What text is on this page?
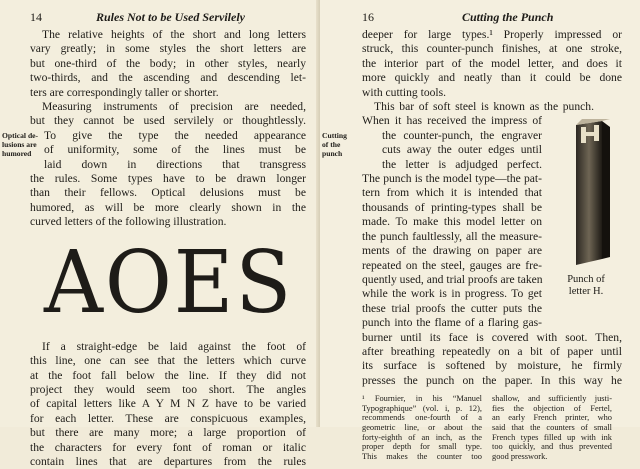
14	Rules Not to be Used Servilely
The relative heights of the short and long letters
vary greatly; in some styles the short letters are
but one-third of the body; in other styles, nearly
two-thirds, and the ascending and descending let-
ters are correspondingly taller or shorter.
Measuring instruments of precision are needed,
but they cannot be used servilely or thoughtlessly.
Optical de-
lusions are
humored
To give the type the needed appearance
of uniformity, some of the lines must be
laid down in directions that transgress
the rules. Some types have to be drawn longer
than their fellows. Optical delusions must be
humored, as will be more clearly shown in the
curved letters of the following illustration.
AOES
If a straight-edge be laid against the foot of
this line, one can see that the letters which curve
at the foot fall below the line. If they did not
project they would seem too short. The angles
of capital letters like A Y M N Z have to be varied
for each letter. These are conspicuous examples,
but there are many more; a large proportion of
the characters for every font of roman or italic
contain lines that are departures from the rules
16	Cutting the Punch
deeper for large types.¹ Properly impressed or
struck, this counter-punch finishes, at one stroke,
the interior part of the model letter, and does it
more quickly and neatly than it could be done
with cutting tools.
This bar of soft steel is known as the punch.
When it has received the impress of
Cutting
of the
punch
the counter-punch, the engraver
cuts away the outer edges until
the letter is adjudged perfect.
The punch is the model type—the pat-
tern from which it is intended that
thousands of printing-types shall be
made. To make this model letter on
the punch faultlessly, all the measure-
ments of the drawing on paper are
repeated on the steel, gauges are fre-
quently used, and trial proofs are taken
while the work is in progress. To get
these trial proofs the cutter puts the
punch into the flame of a flaring gas-
burner until its face is covered with soot. Then,
after breathing repeatedly on a bit of paper until
its surface is softened by moisture, he firmly
presses the punch on the paper. In this way he
Punch of
letter H.
¹ Fournier, in his “Manuel
Typographique” (vol. i, p. 12),
recommends one-fourth of a
geometric line, or about the
forty-eighth of an inch, as the
proper depth for small type.
This makes the counter too
shallow, and sufficiently justi-
fies the objection of Fertel,
an early French printer, who
said that the counters of small
French types filled up with ink
too quickly, and thus prevented
good presswork.
